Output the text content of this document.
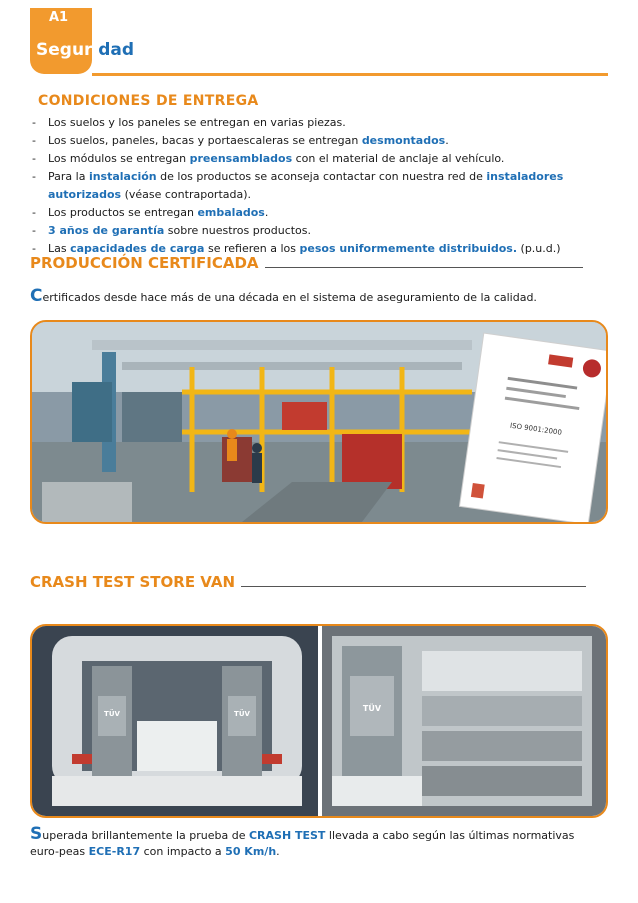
A1
Seguridad
CONDICIONES DE ENTREGA
- Los suelos y los paneles se entregan en varias piezas.
- Los suelos, paneles, bacas y portaescaleras se entregan desmontados.
- Los módulos se entregan preensamblados con el material de anclaje al vehículo.
- Para la instalación de los productos se aconseja contactar con nuestra red de instaladores autorizados (véase contraportada).
- Los productos se entregan embalados.
- 3 años de garantía sobre nuestros productos.
- Las capacidades de carga se refieren a los pesos uniformemente distribuidos. (p.u.d.)
PRODUCCIÓN CERTIFICADA
Certificados desde hace más de una década en el sistema de aseguramiento de la calidad.
ISO 9001:2000
CRASH TEST STORE VAN
TÜV	TÜV
TÜV
Superada brillantemente la prueba de CRASH TEST llevada a cabo según las últimas normativas euro-peas ECE-R17 con impacto a 50 Km/h.
